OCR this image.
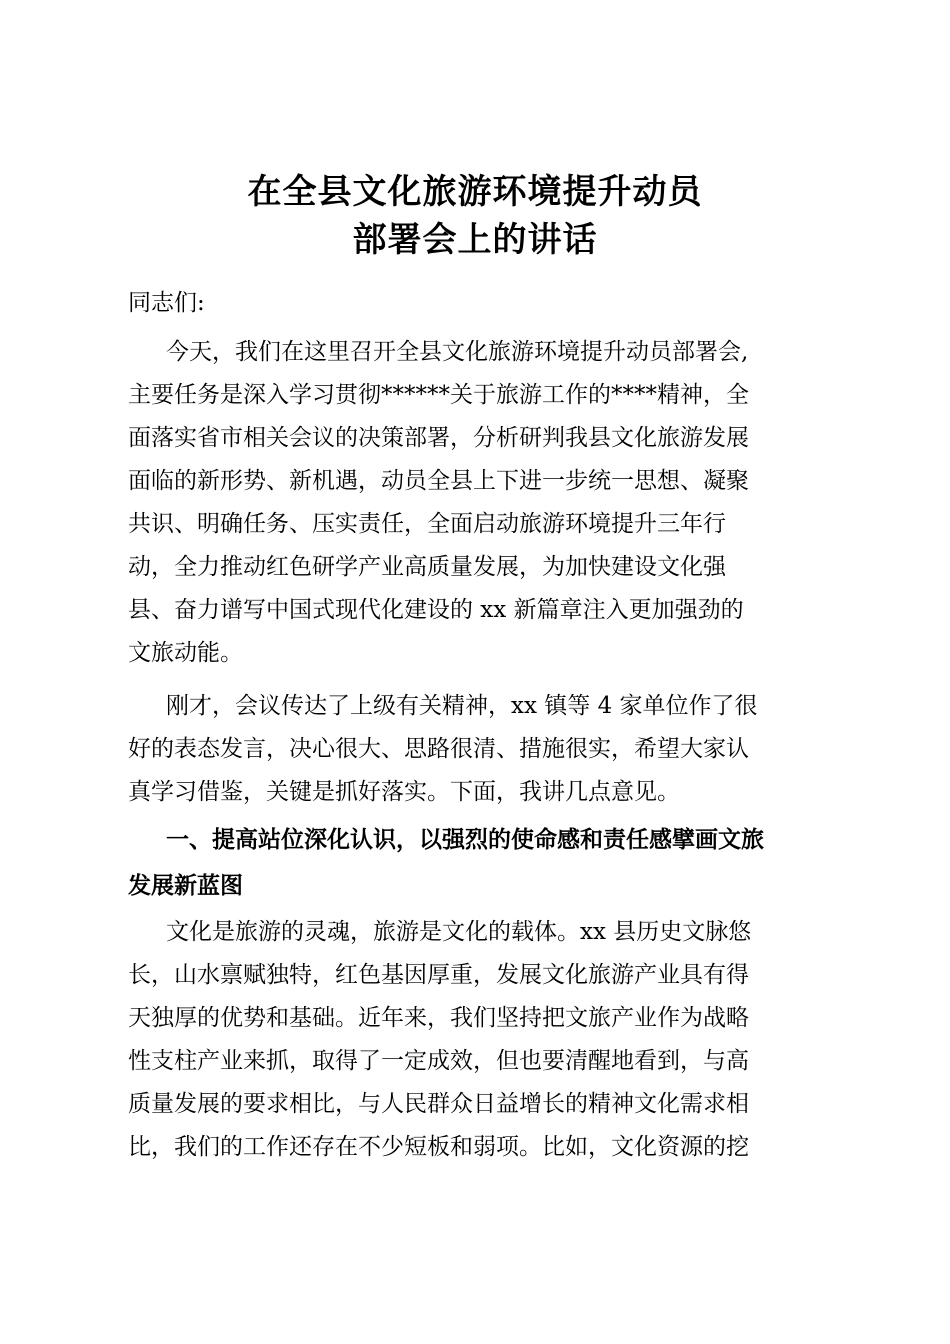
在全县文化旅游环境提升动员
部署会上的讲话
同志们:
今天，我们在这里召开全县文化旅游环境提升动员部署会,
主要任务是深入学习贯彻******关于旅游工作的****精神，全
面落实省市相关会议的决策部署，分析研判我县文化旅游发展
面临的新形势、新机遇，动员全县上下进一步统一思想、凝聚
共识、明确任务、压实责任，全面启动旅游环境提升三年行
动，全力推动红色研学产业高质量发展，为加快建设文化强
县、奋力谱写中国式现代化建设的 xx 新篇章注入更加强劲的
文旅动能。
刚才，会议传达了上级有关精神，xx 镇等 4 家单位作了很
好的表态发言，决心很大、思路很清、措施很实，希望大家认
真学习借鉴，关键是抓好落实。下面，我讲几点意见。
一、提高站位深化认识，以强烈的使命感和责任感擘画文旅
发展新蓝图
文化是旅游的灵魂，旅游是文化的载体。xx 县历史文脉悠
长，山水禀赋独特，红色基因厚重，发展文化旅游产业具有得
天独厚的优势和基础。近年来，我们坚持把文旅产业作为战略
性支柱产业来抓，取得了一定成效，但也要清醒地看到，与高
质量发展的要求相比，与人民群众日益增长的精神文化需求相
比，我们的工作还存在不少短板和弱项。比如，文化资源的挖
